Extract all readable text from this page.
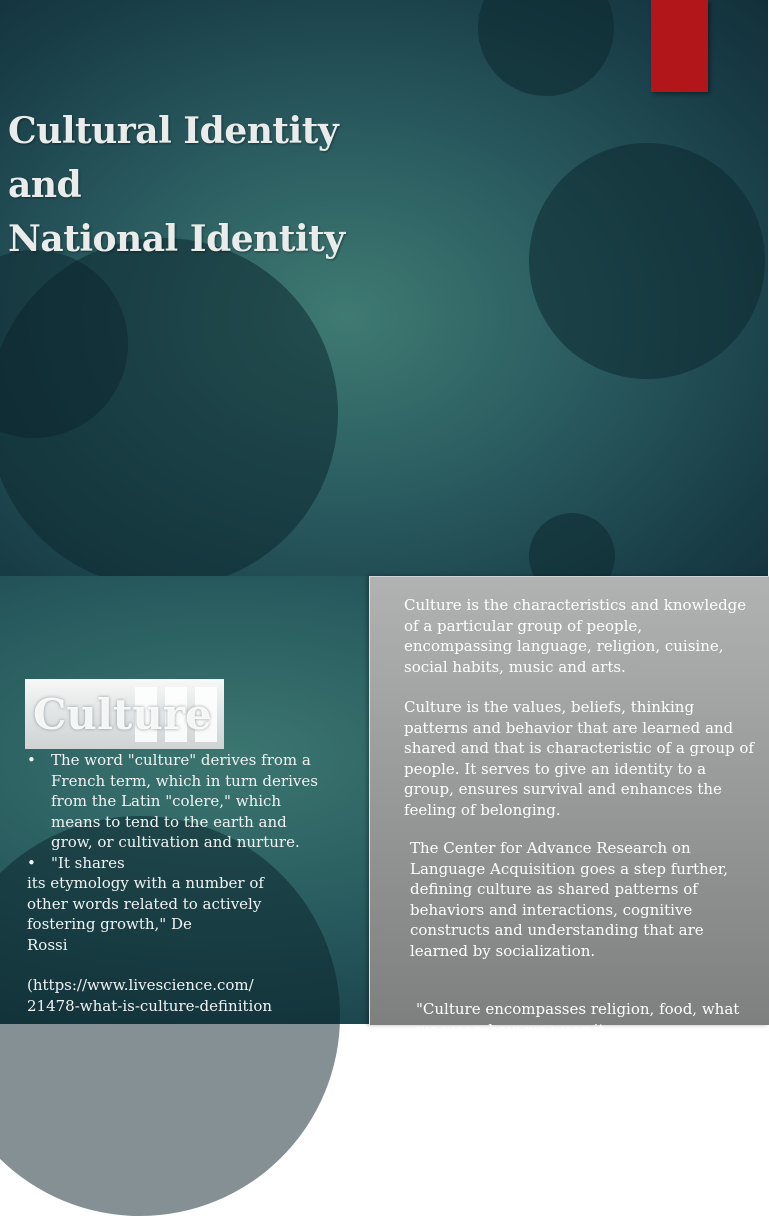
Cultural Identity
and
National Identity
Culture
• The word "culture" derives from a French term, which in turn derives from the Latin "colere," which means to tend to the earth and grow, or cultivation and nurture.
• "It shares

its etymology with a number of

other words related to actively

fostering growth," De

Rossi

(https://www.livescience.com/

21478-what-is-culture-definition

Culture is the characteristics and knowledge of a particular group of people, encompassing language, religion, cuisine, social habits, music and arts.

Culture is the values, beliefs, thinking patterns and behavior that are learned and shared and that is characteristic of a group of people. It serves to give an identity to a group, ensures survival and enhances the feeling of belonging.

The Center for Advance Research on Language Acquisition goes a step further, defining culture as shared patterns of behaviors and interactions, cognitive constructs and understanding that are learned by socialization.

"Culture encompasses religion, food, what we wear, how we wear it,
